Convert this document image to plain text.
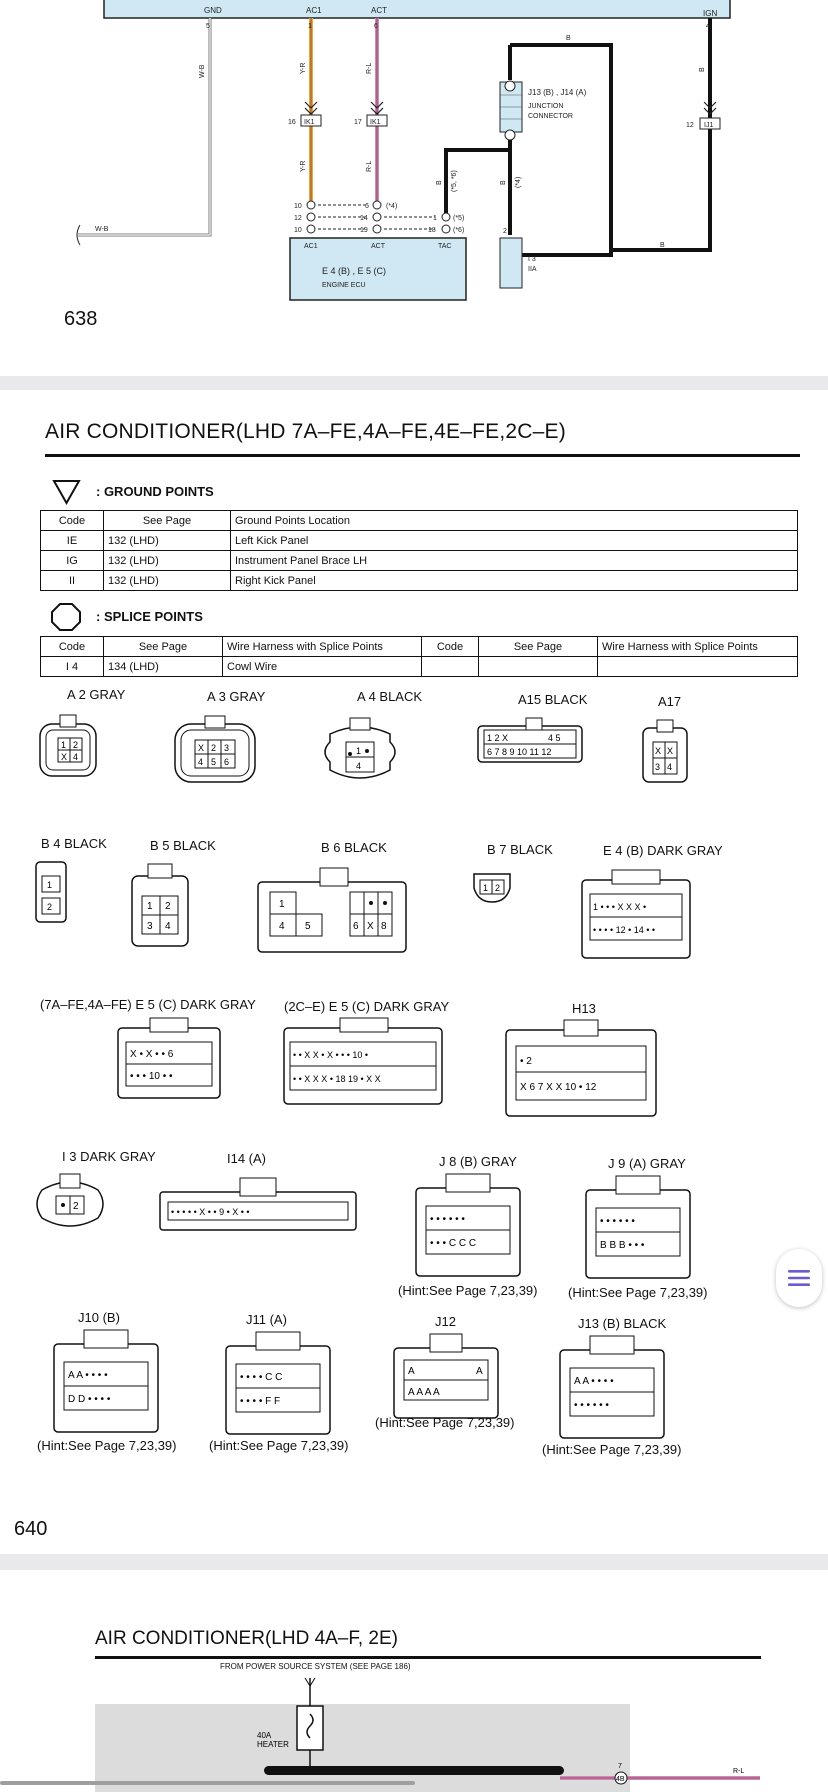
GND	AC1	ACT	IGN
5
W-B
W-B
1
Y-R
Y-R
6
R-L
R-L
IK1
16	IK1
17
B
4
B
B
IJ1
12
J13 (B) , J14 (A)
JUNCTION
CONNECTOR
B (*5, *6)	B (*4)
10
12
10
6
14
19
(*4)
1
18
(*5)
(*6)
AC1	ACT	TAC
E 4 (B) , E 5 (C)
ENGINE ECU
2
I 3
IIA
638
AIR CONDITIONER(LHD 7A–FE,4A–FE,4E–FE,2C–E)
: GROUND POINTS
Code	See Page	Ground Points Location
IE	132 (LHD)	Left Kick Panel
IG	132 (LHD)	Instrument Panel Brace LH
II	132 (LHD)	Right Kick Panel
: SPLICE POINTS
Code	See Page	Wire Harness with Splice Points	Code	See Page	Wire Harness with Splice Points
I 4	134 (LHD)	Cowl Wire			
A 2 GRAY	A 3 GRAY	A 4 BLACK	A15 BLACK	A17
B 4 BLACK	B 5 BLACK	B 6 BLACK	B 7 BLACK	E 4 (B) DARK GRAY
(7A–FE,4A–FE) E 5 (C) DARK GRAY (2C–E) E 5 (C) DARK GRAY	H13
I 3 DARK GRAY	I14 (A)	J 8 (B) GRAY	J 9 (A) GRAY
J10 (B)	J11 (A)	J12	J13 (B) BLACK
2
1
X 4
X 2 3
4 5 6
1
4
1 2 X	4 5
6 7 8 9 10 11 12	X X
3 4
1
2	1 2
3 4
1
4 5	6 X 8
1 2
1 • • • X X X •
• • • • 12 • 14 • •
X • X • • 6
• • • 10 • •
• • X X • X • • • 10 •
• • X X X • 18 19 • X X
• 2
X 6 7 X X 10 • 12
2	• • • • • X • • 9 • X • •
• • • • • •
• • • C C C
• • • • • •
B B B • • •
A A • • • •
D D • • • •
• • • • C C
• • • • F F
A	A
A A A A
A A • • • •
• • • • • •
(Hint:See Page 7,23,39) (Hint:See Page 7,23,39)
(Hint:See Page 7,23,39)	(Hint:See Page 7,23,39)
(Hint:See Page 7,23,39)
(Hint:See Page 7,23,39)
640
AIR CONDITIONER(LHD 4A–F, 2E)
FROM POWER SOURCE SYSTEM (SEE PAGE 186)
40A
HEATER
4B
7
R-L
